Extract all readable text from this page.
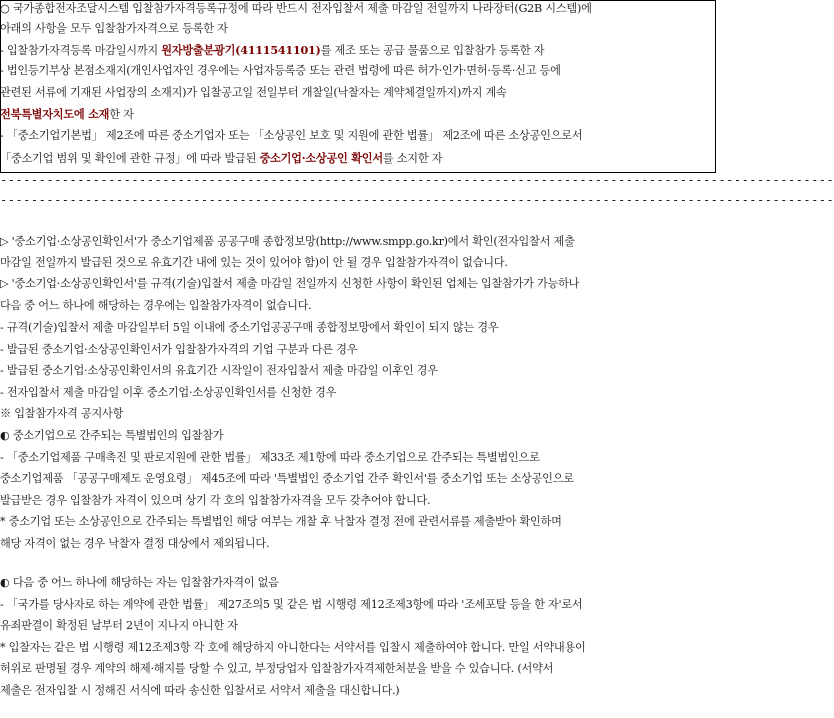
○ 국가종합전자조달시스템 입찰참가자격등록규정에 따라 반드시 전자입찰서 제출 마감일 전일까지 나라장터(G2B 시스템)에
아래의 사항을 모두 입찰참가자격으로 등록한 자
- 입찰참가자격등록 마감일시까지 원자방출분광기(4111541101)를 제조 또는 공급 물품으로 입찰참가 등록한 자
- 법인등기부상 본점소재지(개인사업자인 경우에는 사업자등록증 또는 관련 법령에 따른 허가·인가·면허·등록·신고 등에
관련된 서류에 기재된 사업장의 소재지)가 입찰공고일 전일부터 개찰일(낙찰자는 계약체결일까지)까지 계속
전북특별자치도에 소재한 자
- 「중소기업기본법」 제2조에 따른 중소기업자 또는 「소상공인 보호 및 지원에 관한 법률」 제2조에 따른 소상공인으로서
「중소기업 범위 및 확인에 관한 규정」에 따라 발급된 중소기업·소상공인 확인서를 소지한 자
------------------------------------------------------------------------------------------------------------
------------------------------------------------------------------------------------------------------------
▷ '중소기업·소상공인확인서'가 중소기업제품 공공구매 종합정보망(http://www.smpp.go.kr)에서 확인(전자입찰서 제출
마감일 전일까지 발급된 것으로 유효기간 내에 있는 것이 있어야 함)이 안 될 경우 입찰참가자격이 없습니다.
▷ '중소기업·소상공인확인서'를 규격(기술)입찰서 제출 마감일 전일까지 신청한 사항이 확인된 업체는 입찰참가가 가능하나
다음 중 어느 하나에 해당하는 경우에는 입찰참가자격이 없습니다.
- 규격(기술)입찰서 제출 마감일부터 5일 이내에 중소기업공공구매 종합정보망에서 확인이 되지 않는 경우
- 발급된 중소기업·소상공인확인서가 입찰참가자격의 기업 구분과 다른 경우
- 발급된 중소기업·소상공인확인서의 유효기간 시작일이 전자입찰서 제출 마감일 이후인 경우
- 전자입찰서 제출 마감일 이후 중소기업·소상공인확인서를 신청한 경우
※ 입찰참가자격 공지사항
◐ 중소기업으로 간주되는 특별법인의 입찰참가
- 「중소기업제품 구매촉진 및 판로지원에 관한 법률」 제33조 제1항에 따라 중소기업으로 간주되는 특별법인으로
중소기업제품 「공공구매제도 운영요령」 제45조에 따라 '특별법인 중소기업 간주 확인서'를 중소기업 또는 소상공인으로
발급받은 경우 입찰참가 자격이 있으며 상기 각 호의 입찰참가자격을 모두 갖추어야 합니다.
* 중소기업 또는 소상공인으로 간주되는 특별법인 해당 여부는 개찰 후 낙찰자 결정 전에 관련서류를 제출받아 확인하며
해당 자격이 없는 경우 낙찰자 결정 대상에서 제외됩니다.
◐ 다음 중 어느 하나에 해당하는 자는 입찰참가자격이 없음
- 「국가를 당사자로 하는 계약에 관한 법률」 제27조의5 및 같은 법 시행령 제12조제3항에 따라 '조세포탈 등을 한 자'로서
유죄판결이 확정된 날부터 2년이 지나지 아니한 자
* 입찰자는 같은 법 시행령 제12조제3항 각 호에 해당하지 아니한다는 서약서를 입찰시 제출하여야 합니다. 만일 서약내용이
허위로 판명될 경우 계약의 해제·해지를 당할 수 있고, 부정당업자 입찰참가자격제한처분을 받을 수 있습니다. (서약서
제출은 전자입찰 시 정해진 서식에 따라 송신한 입찰서로 서약서 제출을 대신합니다.)
